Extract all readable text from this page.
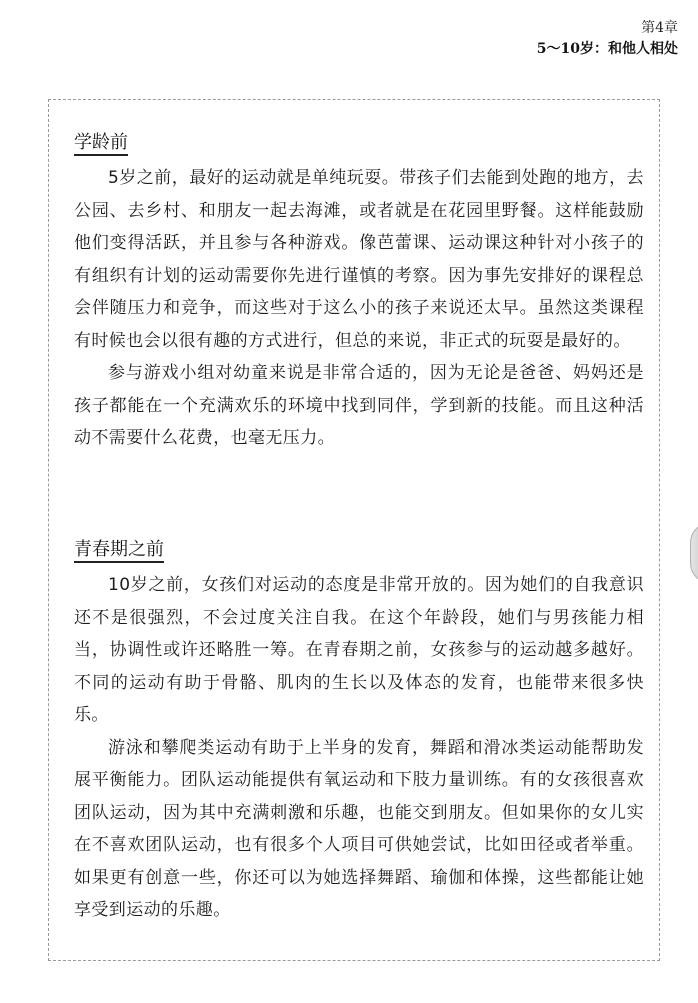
第4章
5～10岁：和他人相处
学龄前

5岁之前，最好的运动就是单纯玩耍。带孩子们去能到处跑的地方，去公园、去乡村、和朋友一起去海滩，或者就是在花园里野餐。这样能鼓励他们变得活跃，并且参与各种游戏。像芭蕾课、运动课这种针对小孩子的有组织有计划的运动需要你先进行谨慎的考察。因为事先安排好的课程总会伴随压力和竞争，而这些对于这么小的孩子来说还太早。虽然这类课程有时候也会以很有趣的方式进行，但总的来说，非正式的玩耍是最好的。

参与游戏小组对幼童来说是非常合适的，因为无论是爸爸、妈妈还是孩子都能在一个充满欢乐的环境中找到同伴，学到新的技能。而且这种活动不需要什么花费，也毫无压力。

青春期之前

10岁之前，女孩们对运动的态度是非常开放的。因为她们的自我意识还不是很强烈，不会过度关注自我。在这个年龄段，她们与男孩能力相当，协调性或许还略胜一筹。在青春期之前，女孩参与的运动越多越好。不同的运动有助于骨骼、肌肉的生长以及体态的发育，也能带来很多快乐。

游泳和攀爬类运动有助于上半身的发育，舞蹈和滑冰类运动能帮助发展平衡能力。团队运动能提供有氧运动和下肢力量训练。有的女孩很喜欢团队运动，因为其中充满刺激和乐趣，也能交到朋友。但如果你的女儿实在不喜欢团队运动，也有很多个人项目可供她尝试，比如田径或者举重。如果更有创意一些，你还可以为她选择舞蹈、瑜伽和体操，这些都能让她享受到运动的乐趣。
